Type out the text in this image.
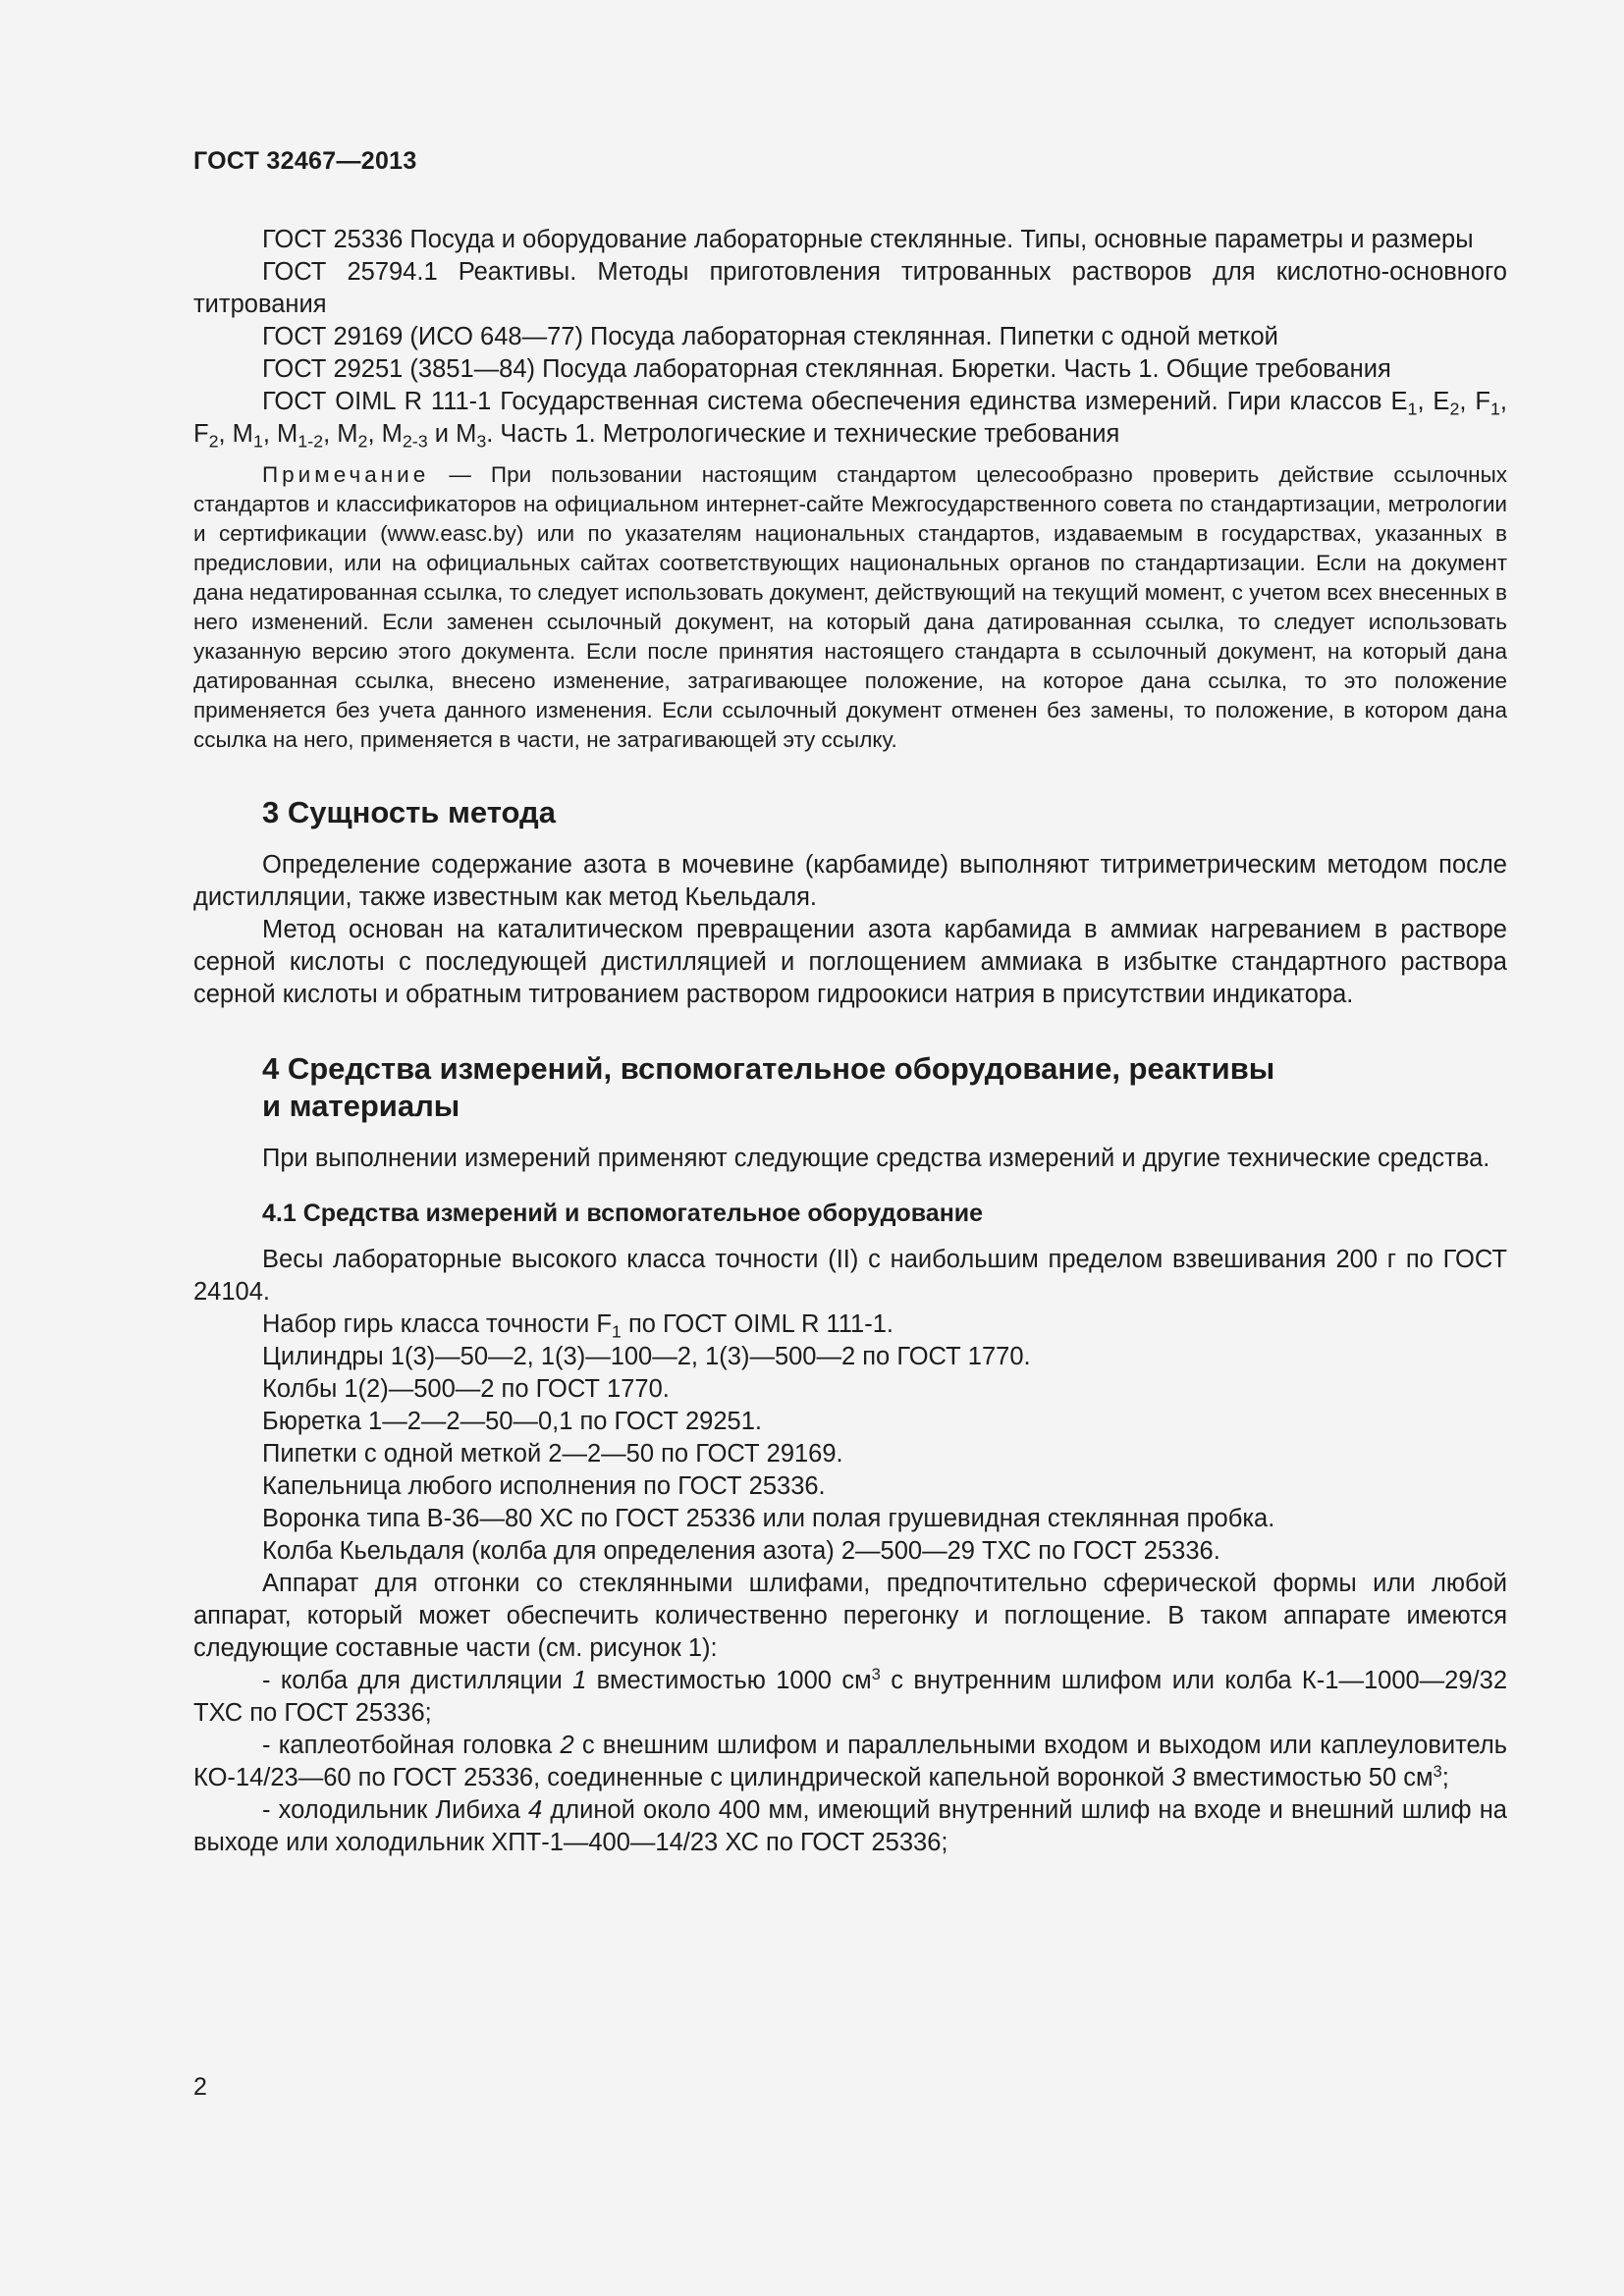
ГОСТ 32467—2013

ГОСТ 25336 Посуда и оборудование лабораторные стеклянные. Типы, основные параметры и размеры

ГОСТ 25794.1 Реактивы. Методы приготовления титрованных растворов для кислотно-основного титрования

ГОСТ 29169 (ИСО 648—77) Посуда лабораторная стеклянная. Пипетки с одной меткой

ГОСТ 29251 (3851—84) Посуда лабораторная стеклянная. Бюретки. Часть 1. Общие требования

ГОСТ OIML R 111-1 Государственная система обеспечения единства измерений. Гири классов $E_1$, $E_2$, $F_1$, $F_2$, $M_1$, $M_{1-2}$, $M_2$, $M_{2-3}$ и $M_3$. Часть 1. Метрологические и технические требования

Примечание — При пользовании настоящим стандартом целесообразно проверить действие ссылочных стандартов и классификаторов на официальном интернет-сайте Межгосударственного совета по стандартизации, метрологии и сертификации (www.easc.by) или по указателям национальных стандартов, издаваемым в государствах, указанных в предисловии, или на официальных сайтах соответствующих национальных органов по стандартизации. Если на документ дана недатированная ссылка, то следует использовать документ, действующий на текущий момент, с учетом всех внесенных в него изменений. Если заменен ссылочный документ, на который дана датированная ссылка, то следует использовать указанную версию этого документа. Если после принятия настоящего стандарта в ссылочный документ, на который дана датированная ссылка, внесено изменение, затрагивающее положение, на которое дана ссылка, то это положение применяется без учета данного изменения. Если ссылочный документ отменен без замены, то положение, в котором дана ссылка на него, применяется в части, не затрагивающей эту ссылку.

3 Сущность метода

Определение содержание азота в мочевине (карбамиде) выполняют титриметрическим методом после дистилляции, также известным как метод Кьельдаля.

Метод основан на каталитическом превращении азота карбамида в аммиак нагреванием в растворе серной кислоты с последующей дистилляцией и поглощением аммиака в избытке стандартного раствора серной кислоты и обратным титрованием раствором гидроокиси натрия в присутствии индикатора.

4 Средства измерений, вспомогательное оборудование, реактивы
и материалы

При выполнении измерений применяют следующие средства измерений и другие технические средства.

4.1 Средства измерений и вспомогательное оборудование

Весы лабораторные высокого класса точности (II) с наибольшим пределом взвешивания 200 г по ГОСТ 24104.

Набор гирь класса точности $F_1$ по ГОСТ OIML R 111-1.

Цилиндры 1(3)—50—2, 1(3)—100—2, 1(3)—500—2 по ГОСТ 1770.

Колбы 1(2)—500—2 по ГОСТ 1770.

Бюретка 1—2—2—50—0,1 по ГОСТ 29251.

Пипетки с одной меткой 2—2—50 по ГОСТ 29169.

Капельница любого исполнения по ГОСТ 25336.

Воронка типа В-36—80 ХС по ГОСТ 25336 или полая грушевидная стеклянная пробка.

Колба Кьельдаля (колба для определения азота) 2—500—29 ТХС по ГОСТ 25336.

Аппарат для отгонки со стеклянными шлифами, предпочтительно сферической формы или любой аппарат, который может обеспечить количественно перегонку и поглощение. В таком аппарате имеются следующие составные части (см. рисунок 1):

- колба для дистилляции 1 вместимостью 1000 $см^3$ с внутренним шлифом или колба К-1—1000—29/32 ТХС по ГОСТ 25336;

- каплеотбойная головка 2 с внешним шлифом и параллельными входом и выходом или каплеуловитель КО-14/23—60 по ГОСТ 25336, соединенные с цилиндрической капельной воронкой 3 вместимостью 50 $см^3$;

- холодильник Либиха 4 длиной около 400 мм, имеющий внутренний шлиф на входе и внешний шлиф на выходе или холодильник ХПТ-1—400—14/23 ХС по ГОСТ 25336;

2
